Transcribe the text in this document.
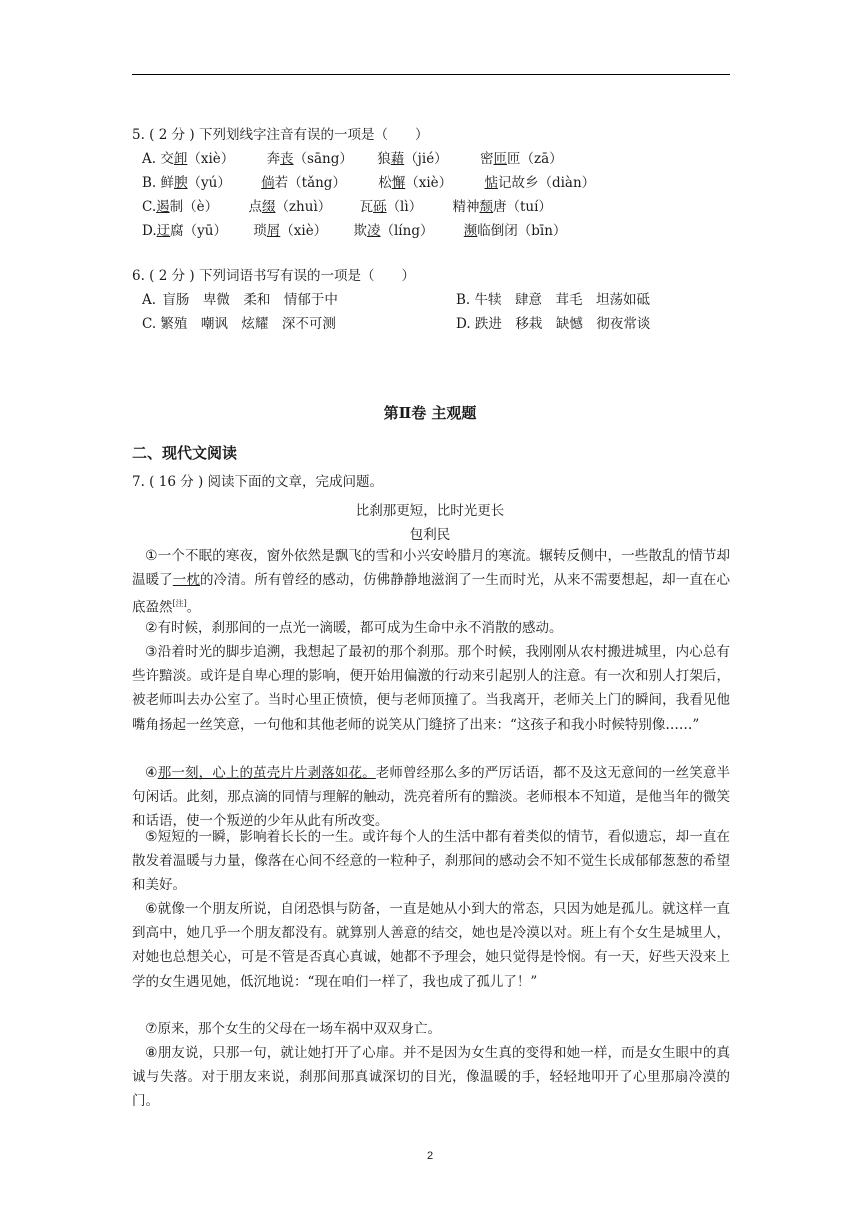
5. ( 2 分 ) 下列划线字注音有误的一项是（　　）
A. 交卸（xiè） 奔丧（sāng） 狼藉（jié） 密匝匝（zā）
B. 鲜腴（yú） 倘若（tǎng） 松懈（xiè） 惦记故乡（diàn）
C.遏制（è） 点缀（zhuì） 瓦砾（lì） 精神颓唐（tuí）
D.迂腐（yū） 琐屑（xiè） 欺凌（líng） 濒临倒闭（bīn）
6. ( 2 分 ) 下列词语书写有误的一项是（　　）
A. 盲肠　卑微　柔和　情郁于中	B. 牛犊　肆意　茸毛　坦荡如砥
C. 繁殖　嘲讽　炫耀　深不可测	D. 跌进　移栽　缺憾　彻夜常谈
第Ⅱ卷 主观题
二、现代文阅读
7. ( 16 分 ) 阅读下面的文章，完成问题。
比刹那更短，比时光更长
包利民
①一个不眠的寒夜，窗外依然是飘飞的雪和小兴安岭腊月的寒流。辗转反侧中，一些散乱的情节却温暖了一枕的冷清。所有曾经的感动，仿佛静静地滋润了一生而时光，从来不需要想起，却一直在心底盈然[注]。
②有时候，刹那间的一点光一滴暖，都可成为生命中永不消散的感动。
③沿着时光的脚步追溯，我想起了最初的那个刹那。那个时候，我刚刚从农村搬进城里，内心总有些许黯淡。或许是自卑心理的影响，便开始用偏激的行动来引起别人的注意。有一次和别人打架后，被老师叫去办公室了。当时心里正愤愤，便与老师顶撞了。当我离开，老师关上门的瞬间，我看见他嘴角扬起一丝笑意，一句他和其他老师的说笑从门缝挤了出来：“这孩子和我小时候特别像……”
④那一刻，心上的茧壳片片剥落如花。老师曾经那么多的严厉话语，都不及这无意间的一丝笑意半句闲话。此刻，那点滴的同情与理解的触动，洗亮着所有的黯淡。老师根本不知道，是他当年的微笑和话语，使一个叛逆的少年从此有所改变。
⑤短短的一瞬，影响着长长的一生。或许每个人的生活中都有着类似的情节，看似遗忘，却一直在散发着温暖与力量，像落在心间不经意的一粒种子，刹那间的感动会不知不觉生长成郁郁葱葱的希望和美好。
⑥就像一个朋友所说，自闭恐惧与防备，一直是她从小到大的常态，只因为她是孤儿。就这样一直到高中，她几乎一个朋友都没有。就算别人善意的结交，她也是冷漠以对。班上有个女生是城里人，对她也总想关心，可是不管是否真心真诚，她都不予理会，她只觉得是怜悯。有一天，好些天没来上学的女生遇见她，低沉地说：“现在咱们一样了，我也成了孤儿了！”
⑦原来，那个女生的父母在一场车祸中双双身亡。
⑧朋友说，只那一句，就让她打开了心扉。并不是因为女生真的变得和她一样，而是女生眼中的真诚与失落。对于朋友来说，刹那间那真诚深切的目光，像温暖的手，轻轻地叩开了心里那扇冷漠的门。
2
